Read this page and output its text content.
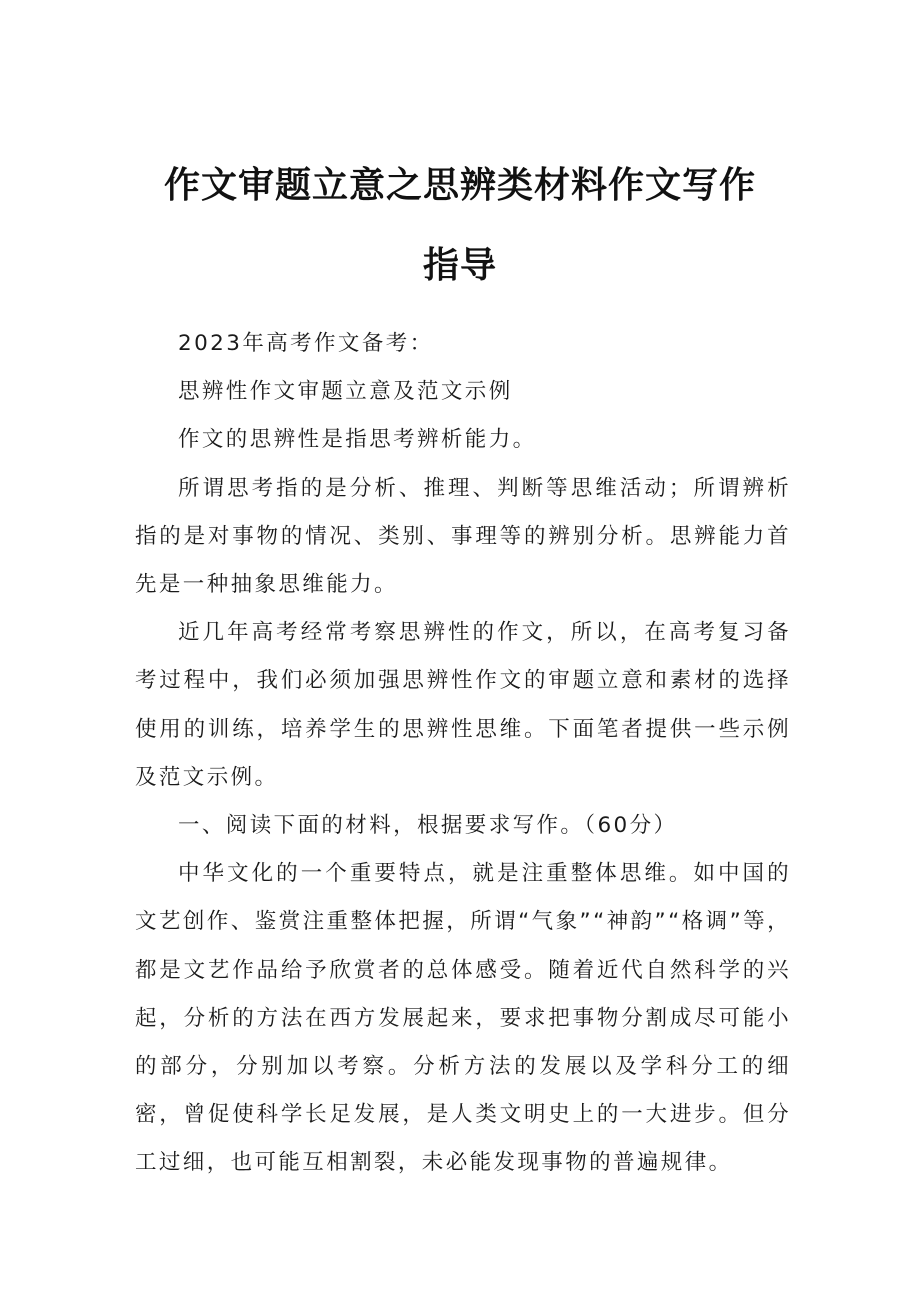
作文审题立意之思辨类材料作文写作
指导

2023年高考作文备考：

思辨性作文审题立意及范文示例

作文的思辨性是指思考辨析能力。

所谓思考指的是分析、推理、判断等思维活动；所谓辨析指的是对事物的情况、类别、事理等的辨别分析。思辨能力首先是一种抽象思维能力。

近几年高考经常考察思辨性的作文，所以，在高考复习备考过程中，我们必须加强思辨性作文的审题立意和素材的选择使用的训练，培养学生的思辨性思维。下面笔者提供一些示例及范文示例。

一、阅读下面的材料，根据要求写作。（60分）

中华文化的一个重要特点，就是注重整体思维。如中国的文艺创作、鉴赏注重整体把握，所谓“气象”“神韵”“格调”等，都是文艺作品给予欣赏者的总体感受。随着近代自然科学的兴起，分析的方法在西方发展起来，要求把事物分割成尽可能小的部分，分别加以考察。分析方法的发展以及学科分工的细密，曾促使科学长足发展，是人类文明史上的一大进步。但分工过细，也可能互相割裂，未必能发现事物的普遍规律。
